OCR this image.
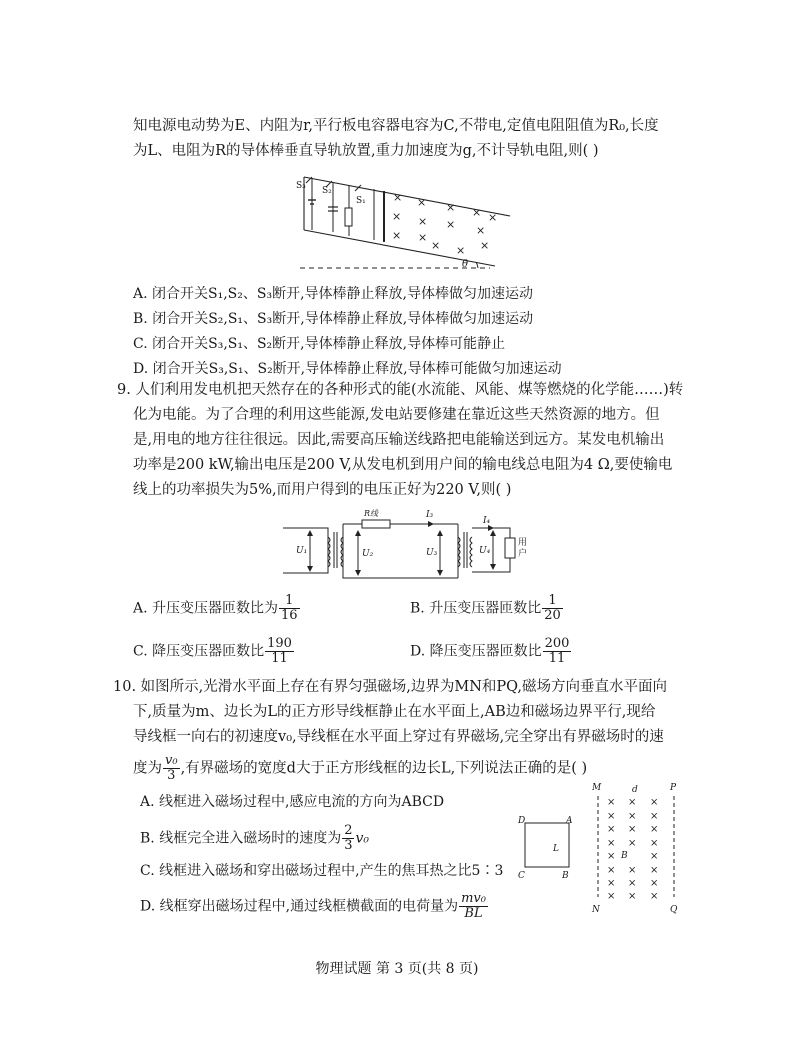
知电源电动势为E、内阻为r,平行板电容器电容为C,不带电,定值电阻阻值为R₀,长度
为L、电阻为R的导体棒垂直导轨放置,重力加速度为g,不计导轨电阻,则( )
S₃ S₂
S₁ × × × × ×
× × × ×
× ×
× × ×
θ
A. 闭合开关S₁,S₂、S₃断开,导体棒静止释放,导体棒做匀加速运动
B. 闭合开关S₂,S₁、S₃断开,导体棒静止释放,导体棒做匀加速运动
C. 闭合开关S₃,S₁、S₂断开,导体棒静止释放,导体棒可能静止
D. 闭合开关S₃,S₁、S₂断开,导体棒静止释放,导体棒可能做匀加速运动
9. 人们利用发电机把天然存在的各种形式的能(水流能、风能、煤等燃烧的化学能……)转
化为电能。为了合理的利用这些能源,发电站要修建在靠近这些天然资源的地方。但
是,用电的地方往往很远。因此,需要高压输送线路把电能输送到远方。某发电机输出
功率是200 kW,输出电压是200 V,从发电机到用户间的输电线总电阻为4 Ω,要使输电
线上的功率损失为5%,而用户得到的电压正好为220 V,则( )
U₁	U₂	U₃	U₄
R线	I₃
I₄
用
户
A. 升压变压器匝数比为 $\frac{1}{16}$	B. 升压变压器匝数比 $\frac{1}{20}$
C. 降压变压器匝数比 $\frac{190}{11}$	D. 降压变压器匝数比 $\frac{200}{11}$
10. 如图所示,光滑水平面上存在有界匀强磁场,边界为MN和PQ,磁场方向垂直水平面向
下,质量为m、边长为L的正方形导线框静止在水平面上,AB边和磁场边界平行,现给
导线框一向右的初速度v₀,导线框在水平面上穿过有界磁场,完全穿出有界磁场时的速
度为 $\frac{\text{v₀}}{3}$ ,有界磁场的宽度d大于正方形线框的边长L,下列说法正确的是( )
A. 线框进入磁场过程中,感应电流的方向为ABCD
B. 线框完全进入磁场时的速度为 $\frac{2}{3} v_0$
C. 线框进入磁场和穿出磁场过程中,产生的焦耳热之比5∶3
D. 线框穿出磁场过程中,通过线框横截面的电荷量为 $\frac{\text{mv₀}}{BL}$
D	A
C	B
L
M
N
P
Q
d
B
× × ×
× × ×
× × ×
× × ×
×	×
× × ×
× × ×
× × ×
物理试题 第 3 页(共 8 页)
